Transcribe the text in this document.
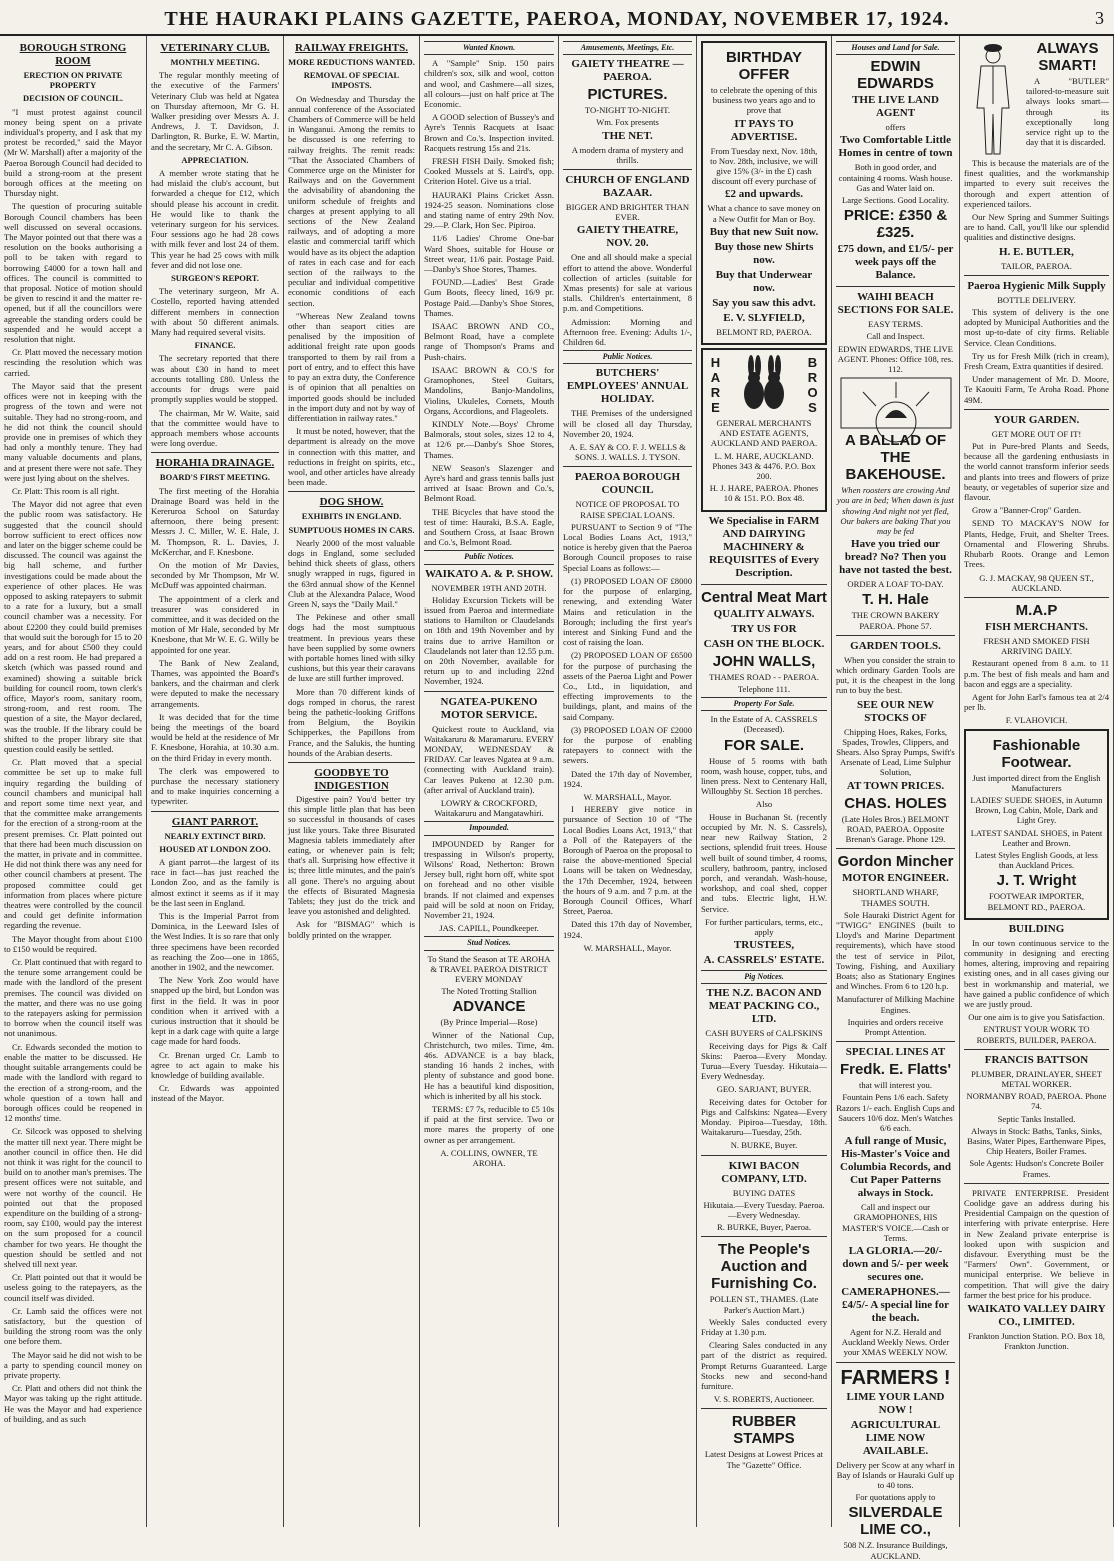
THE HAURAKI PLAINS GAZETTE, PAEROA, MONDAY, NOVEMBER 17, 1924.	3
BOROUGH STRONG ROOM
ERECTION ON PRIVATE PROPERTY
DECISION OF COUNCIL.

"I must protest against council money being spent on a private individual's property, and I ask that my protest be recorded," said the Mayor (Mr W. Marshall) after a majority of the Paeroa Borough Council had decided to build a strong-room at the present borough offices at the meeting on Thursday night.

The question of procuring suitable Borough Council chambers has been well discussed on several occasions. The Mayor pointed out that there was a resolution on the books authorising a poll to be taken with regard to borrowing £4000 for a town hall and offices. The council is committed to that proposal. Notice of motion should be given to rescind it and the matter re-opened, but if all the councillors were agreeable the standing orders could be suspended and he would accept a resolution that night.

Cr. Platt moved the necessary motion rescinding the resolution which was carried.

The Mayor said that the present offices were not in keeping with the progress of the town and were not suitable. They had no strong-room, and he did not think the council should provide one in premises of which they had only a monthly tenure. They had many valuable documents and plans, and at present there were not safe. They were just lying about on the shelves.

Cr. Platt: This room is all right.

The Mayor did not agree that even the public room was satisfactory. He suggested that the council should borrow sufficient to erect offices now and later on the bigger scheme could be discussed. The council was against the big hall scheme, and further investigations could be made about the experience of other places. He was opposed to asking ratepayers to submit to a rate for a luxury, but a small council chamber was a necessity. For about £2200 they could build premises that would suit the borough for 15 to 20 years, and for about £500 they could add on a rest room. He had prepared a sketch (which was passed round and examined) showing a suitable brick building for council room, town clerk's office, Mayor's room, sanitary room, strong-room, and rest room. The question of a site, the Mayor declared, was the trouble. If the library could be shifted to the proper library site that question could easily be settled.

Cr. Platt moved that a special committee be set up to make full inquiry regarding the building of council chambers and municipal hall and report some time next year, and that the committee make arrangements for the erection of a strong-room at the present premises. Cr. Platt pointed out that there had been much discussion on the matter, in private and in committee. He did not think there was any need for other council chambers at present. The proposed committee could get information from places where picture theatres were controlled by the council and could get definite information regarding the revenue.

The Mayor thought from about £100 to £150 would be required.

Cr. Platt continued that with regard to the tenure some arrangement could be made with the landlord of the present premises. The council was divided on the matter, and there was no use going to the ratepayers asking for permission to borrow when the council itself was not unanimous.

Cr. Edwards seconded the motion to enable the matter to be discussed. He thought suitable arrangements could be made with the landlord with regard to the erection of a strong-room, and the whole question of a town hall and borough offices could be reopened in 12 months' time.

Cr. Silcock was opposed to shelving the matter till next year. There might be another council in office then. He did not think it was right for the council to build on to another man's premises. The present offices were not suitable, and were not worthy of the council. He pointed out that the proposed expenditure on the building of a strong-room, say £100, would pay the interest on the sum proposed for a council chamber for two years. He thought the question should be settled and not shelved till next year.

Cr. Platt pointed out that it would be useless going to the ratepayers, as the council itself was divided.

Cr. Lamb said the offices were not satisfactory, but the question of building the strong room was the only one before them.

The Mayor said he did not wish to be a party to spending council money on private property.

Cr. Platt and others did not think the Mayor was taking up the right attitude. He was the Mayor and had experience of building, and as such

VETERINARY CLUB.
MONTHLY MEETING.

The regular monthly meeting of the executive of the Farmers' Veterinary Club was held at Ngatea on Thursday afternoon, Mr G. H. Walker presiding over Messrs A. J. Andrews, J. T. Davidson, J. Darlington, R. Burke, E. W. Martin, and the secretary, Mr C. A. Gibson.

APPRECIATION.

A member wrote stating that he had mislaid the club's account, but forwarded a cheque for £12, which should please his account in credit. He would like to thank the veterinary surgeon for his services. Four sessions ago he had 28 cows with milk fever and lost 24 of them. This year he had 25 cows with milk fever and did not lose one.

SURGEON'S REPORT.

The veterinary surgeon, Mr A. Costello, reported having attended different members in connection with about 50 different animals. Many had required several visits.

FINANCE.

The secretary reported that there was about £30 in hand to meet accounts totalling £80. Unless the accounts for drugs were paid promptly supplies would be stopped.

The chairman, Mr W. Waite, said that the committee would have to approach members whose accounts were long overdue.

HORAHIA DRAINAGE.
BOARD'S FIRST MEETING.

The first meeting of the Horahia Drainage Board was held in the Kereruroa School on Saturday afternoon, there being present: Messrs J. C. Miller, W. E. Hale, J. M. Thompson, R. L. Davies, J. McKerchar, and F. Knesbone.

On the motion of Mr Davies, seconded by Mr Thompson, Mr W. McDuff was appointed chairman.

The appointment of a clerk and treasurer was considered in committee, and it was decided on the motion of Mr Hale, seconded by Mr Knesbone, that Mr W. E. G. Willy be appointed for one year.

The Bank of New Zealand, Thames, was appointed the Board's bankers, and the chairman and clerk were deputed to make the necessary arrangements.

It was decided that for the time being the meetings of the board would be held at the residence of Mr F. Knesbone, Horahia, at 10.30 a.m. on the third Friday in every month.

The clerk was empowered to purchase the necessary stationery and to make inquiries concerning a typewriter.

GIANT PARROT.
NEARLY EXTINCT BIRD.
HOUSED AT LONDON ZOO.

A giant parrot—the largest of its race in fact—has just reached the London Zoo, and as the family is almost extinct it seems as if it may be the last seen in England.

This is the Imperial Parrot from Dominica, in the Leeward Isles of the West Indies. It is so rare that only three specimens have been recorded as reaching the Zoo—one in 1865, another in 1902, and the newcomer.

The New York Zoo would have snapped up the bird, but London was first in the field. It was in poor condition when it arrived with a curious instruction that it should be kept in a dark cage with quite a large cage made for hard foods.

Cr. Brenan urged Cr. Lamb to agree to act again to make his knowledge of building available.

Cr. Edwards was appointed instead of the Mayor.

RAILWAY FREIGHTS.
MORE REDUCTIONS WANTED.
REMOVAL OF SPECIAL IMPOSTS.

On Wednesday and Thursday the annual conference of the Associated Chambers of Commerce will be held in Wanganui. Among the remits to be discussed is one referring to railway freights. The remit reads: "That the Associated Chambers of Commerce urge on the Minister for Railways and on the Government the advisability of abandoning the uniform schedule of freights and charges at present applying to all sections of the New Zealand railways, and of adopting a more elastic and commercial tariff which would have as its object the adaption of rates in each case and for each section of the railways to the peculiar and individual competitive economic conditions of each section.

"Whereas New Zealand towns other than seaport cities are penalised by the imposition of additional freight rate upon goods transported to them by rail from a port of entry, and to effect this have to pay an extra duty, the Conference is of opinion that all penalties on imported goods should be included in the import duty and not by way of differentiation in railway rates."

It must be noted, however, that the department is already on the move in connection with this matter, and reductions in freight on spirits, etc., wool, and other articles have already been made.

DOG SHOW.
EXHIBITS IN ENGLAND.
SUMPTUOUS HOMES IN CARS.

Nearly 2000 of the most valuable dogs in England, some secluded behind thick sheets of glass, others snugly wrapped in rugs, figured in the 63rd annual show of the Kennel Club at the Alexandra Palace, Wood Green N, says the "Daily Mail."

The Pekinese and other small dogs had the most sumptuous treatment. In previous years these have been supplied by some owners with portable homes lined with silky cushions, but this year their caravans de luxe are still further improved.

More than 70 different kinds of dogs romped in chorus, the rarest being the pathetic-looking Griffons from Belgium, the Boyikin Schipperkes, the Papillons from France, and the Salukis, the hunting hounds of the Arabian deserts.

GOODBYE TO INDIGESTION

Digestive pain? You'd better try this simple little plan that has been so successful in thousands of cases just like yours. Take three Bisurated Magnesia tablets immediately after eating, or whenever pain is felt; that's all. Surprising how effective it is; three little minutes, and the pain's all gone. There's no arguing about the effects of Bisurated Magnesia Tablets; they just do the trick and leave you astonished and delighted.

Ask for "BISMAG" which is boldly printed on the wrapper.

Wanted Known.

A "Sample" Snip. 150 pairs children's sox, silk and wool, cotton and wool, and Cashmere—all sizes, all colours—just on half price at The Economic.

A GOOD selection of Bussey's and Ayre's Tennis Racquets at Isaac Brown and Co.'s. Inspection invited. Racquets restrung 15s and 21s.

FRESH FISH Daily. Smoked fish; Cooked Mussels at S. Laird's, opp. Criterion Hotel. Give us a trial.

HAURAKI Plains Cricket Assn. 1924-25 season. Nominations close and stating name of entry 29th Nov. 29.—P. Clark, Hon Sec. Pipiroa.

11/6 Ladies' Chrome One-bar Ward Shoes, suitable for House or Street wear, 11/6 pair. Postage Paid.—Danby's Shoe Stores, Thames.

FOUND.—Ladies' Best Grade Gum Boots, fleecy lined, 16/9 pr. Postage Paid.—Danby's Shoe Stores, Thames.

ISAAC BROWN AND CO., Belmont Road, have a complete range of Thompson's Prams and Push-chairs.

ISAAC BROWN & CO.'S for Gramophones, Steel Guitars, Mandolins, Banjo-Mandolins, Violins, Ukuleles, Cornets, Mouth Organs, Accordions, and Flageolets.

KINDLY Note.—Boys' Chrome Balmorals, stout soles, sizes 12 to 4, at 12/6 pr.—Danby's Shoe Stores, Thames.

NEW Season's Slazenger and Ayre's hard and grass tennis balls just arrived at Isaac Brown and Co.'s, Belmont Road.

THE Bicycles that have stood the test of time: Hauraki, B.S.A. Eagle, and Southern Cross, at Isaac Brown and Co.'s, Belmont Road.

Public Notices.
WAIKATO A. & P. SHOW.
NOVEMBER 19TH AND 20TH.

Holiday Excursion Tickets will be issued from Paeroa and intermediate stations to Hamilton or Claudelands on 18th and 19th November and by trains due to arrive Hamilton or Claudelands not later than 12.55 p.m. on 20th November, available for return up to and including 22nd November, 1924.

NGATEA-PUKENO MOTOR SERVICE.

Quickest route to Auckland, via Waitakaruru & Maramaruru. EVERY MONDAY, WEDNESDAY & FRIDAY. Car leaves Ngatea at 9 a.m. (connecting with Auckland train). Car leaves Pukeno at 12.30 p.m. (after arrival of Auckland train).

LOWRY & CROCKFORD, Waitakaruru and Mangatawhiri.
Impounded.

IMPOUNDED by Ranger for trespassing in Wilson's property, Wilsons' Road, Netherton: Brown Jersey bull, right horn off, white spot on forehead and no other visible brands. If not claimed and expenses paid will be sold at noon on Friday, November 21, 1924.

JAS. CAPILL, Poundkeeper.
Stud Notices.
To Stand the Season at TE AROHA & TRAVEL PAEROA DISTRICT EVERY MONDAY
The Noted Trotting Stallion
ADVANCE
(By Prince Imperial—Rose)

Winner of the National Cup, Christchurch, two miles. Time, 4m. 46s. ADVANCE is a bay black, standing 16 hands 2 inches, with plenty of substance and good bone. He has a beautiful kind disposition, which is inherited by all his stock.

TERMS: £7 7s, reducible to £5 10s if paid at the first service. Two or more mares the property of one owner as per arrangement.

A. COLLINS, OWNER, TE AROHA.
Amusements, Meetings, Etc.
GAIETY THEATRE — PAEROA.
PICTURES.
TO-NIGHT TO-NIGHT.
Wm. Fox presents
THE NET.
A modern drama of mystery and thrills.
CHURCH OF ENGLAND BAZAAR.
BIGGER AND BRIGHTER THAN EVER.
GAIETY THEATRE, NOV. 20.

One and all should make a special effort to attend the above. Wonderful collection of articles (suitable for Xmas presents) for sale at various stalls. Children's entertainment, 8 p.m. and Competitions.

Admission: Morning and Afternoon free. Evening: Adults 1/-, Children 6d.

Public Notices.
BUTCHERS' EMPLOYEES' ANNUAL HOLIDAY.

THE Premises of the undersigned will be closed all day Thursday, November 20, 1924.

A. E. SAY & CO. F. J. WELLS & SONS. J. WALLS. J. TYSON.
PAEROA BOROUGH COUNCIL
NOTICE OF PROPOSAL TO RAISE SPECIAL LOANS.

PURSUANT to Section 9 of "The Local Bodies Loans Act, 1913," notice is hereby given that the Paeroa Borough Council proposes to raise Special Loans as follows:—

(1) PROPOSED LOAN OF £8000 for the purpose of enlarging, renewing, and extending Water Mains and reticulation in the Borough; including the first year's interest and Sinking Fund and the cost of raising the loan.

(2) PROPOSED LOAN OF £6500 for the purpose of purchasing the assets of the Paeroa Light and Power Co., Ltd., in liquidation, and effecting improvements to the buildings, plant, and mains of the said Company.

(3) PROPOSED LOAN OF £2000 for the purpose of enabling ratepayers to connect with the sewers.

Dated the 17th day of November, 1924.

W. MARSHALL, Mayor.

I HEREBY give notice in pursuance of Section 10 of "The Local Bodies Loans Act, 1913," that a Poll of the Ratepayers of the Borough of Paeroa on the proposal to raise the above-mentioned Special Loans will be taken on Wednesday, the 17th December, 1924, between the hours of 9 a.m. and 7 p.m. at the Borough Council Offices, Wharf Street, Paeroa.

Dated this 17th day of November, 1924.

W. MARSHALL, Mayor.
BIRTHDAY OFFER
to celebrate the opening of this business two years ago and to prove that
IT PAYS TO ADVERTISE.
From Tuesday next, Nov. 18th, to Nov. 28th, inclusive, we will give 15% (3/- in the £) cash discount off every purchase of
£2 and upwards.
What a chance to save money on a New Outfit for Man or Boy.
Buy that new Suit now.
Buy those new Shirts now.
Buy that Underwear now.
Say you saw this advt.
E. V. SLYFIELD,
BELMONT RD, PAEROA.
HARE	BROS
GENERAL MERCHANTS AND ESTATE AGENTS, AUCKLAND AND PAEROA.
L. M. HARE, AUCKLAND. Phones 343 & 4476. P.O. Box 200.
H. J. HARE, PAEROA. Phones 10 & 151. P.O. Box 48.
We Specialise in FARM AND DAIRYING MACHINERY & REQUISITES of Every Description.
Central Meat Mart
QUALITY ALWAYS.
TRY US FOR
CASH ON THE BLOCK.
JOHN WALLS,
THAMES ROAD - - PAEROA.
Telephone 111.
Property For Sale.
In the Estate of A. CASSRELS (Deceased).
FOR SALE.

House of 5 rooms with bath room, wash house, copper, tubs, and linen press. Next to Centenary Hall, Willoughby St. Section 18 perches.

Also

House in Buchanan St. (recently occupied by Mr. N. S. Cassrels), near new Railway Station, 2 sections, splendid fruit trees. House well built of sound timber, 4 rooms, scullery, bathroom, pantry, inclosed porch, and verandah. Wash-house, workshop, and coal shed, copper and tubs. Electric light, H.W. Service.

For further particulars, terms, etc., apply
TRUSTEES,
A. CASSRELS' ESTATE.
Pig Notices.
THE N.Z. BACON AND MEAT PACKING CO., LTD.
CASH BUYERS of CALFSKINS

Receiving days for Pigs & Calf Skins: Paeroa—Every Monday. Turua—Every Tuesday. Hikutaia—Every Wednesday.

GEO. SARJANT, BUYER.

Receiving dates for October for Pigs and Calfskins: Ngatea—Every Monday. Pipiroa—Tuesday, 18th. Waitakaruru—Tuesday, 25th.

N. BURKE, Buyer.
KIWI BACON COMPANY, LTD.
BUYING DATES
Hikutaia.—Every Tuesday. Paeroa.—Every Wednesday.
R. BURKE, Buyer, Paeroa.
The People's Auction and Furnishing Co.
POLLEN ST., THAMES. (Late Parker's Auction Mart.)

Weekly Sales conducted every Friday at 1.30 p.m.

Clearing Sales conducted in any part of the district as required. Prompt Returns Guaranteed. Large Stocks new and second-hand furniture.

V. S. ROBERTS, Auctioneer.
RUBBER STAMPS
Latest Designs at Lowest Prices at The "Gazette" Office.
Houses and Land for Sale.
EDWIN EDWARDS
THE LIVE LAND AGENT
offers
Two Comfortable Little Homes in centre of town
Both in good order, and containing 4 rooms. Wash house. Gas and Water laid on.
Large Sections. Good Locality.
PRICE: £350 & £325.
£75 down, and £1/5/- per week pays off the Balance.
WAIHI BEACH SECTIONS FOR SALE.
EASY TERMS.
Call and Inspect.
EDWIN EDWARDS, THE LIVE AGENT. Phones: Office 108, res. 112.
A BALLAD OF THE BAKEHOUSE.
When roosters are crowing And you are in bed; When dawn is just showing And night not yet fled, Our bakers are baking That you may be fed
Have you tried our bread? No? Then you have not tasted the best.
ORDER A LOAF TO-DAY.
T. H. Hale
THE CROWN BAKERY PAEROA. Phone 57.
GARDEN TOOLS.

When you consider the strain to which ordinary Garden Tools are put, it is the cheapest in the long run to buy the best.

SEE OUR NEW STOCKS OF
Chipping Hoes, Rakes, Forks, Spades, Trowles, Clippers, and Shears. Also Spray Pumps, Swift's Arsenate of Lead, Lime Sulphur Solution,
AT TOWN PRICES.
CHAS. HOLES
(Late Holes Bros.) BELMONT ROAD, PAEROA. Opposite Brenan's Garage. Phone 129.
Gordon Mincher
MOTOR ENGINEER.
SHORTLAND WHARF, THAMES SOUTH.

Sole Hauraki District Agent for "TWIGG" ENGINES (built to Lloyd's and Marine Department requirements), which have stood the test of service in Pilot, Towing, Fishing, and Auxiliary Boats; also as Stationary Engines and Winches. From 6 to 120 h.p.

Manufacturer of Milking Machine Engines.
Inquiries and orders receive Prompt Attention.
SPECIAL LINES AT
Fredk. E. Flatts'
that will interest you.
Fountain Pens 1/6 each. Safety Razors 1/- each. English Cups and Saucers 10/6 doz. Men's Watches 6/6 each.
A full range of Music, His-Master's Voice and Columbia Records, and Cut Paper Patterns always in Stock.
Call and inspect our GRAMOPHONES, HIS MASTER'S VOICE.—Cash or Terms.
LA GLORIA.—20/- down and 5/- per week secures one.
CAMERAPHONES.—£4/5/- A special line for the beach.
Agent for N.Z. Herald and Auckland Weekly News. Order your XMAS WEEKLY NOW.
FARMERS !
LIME YOUR LAND NOW !
AGRICULTURAL LIME NOW AVAILABLE.
Delivery per Scow at any wharf in Bay of Islands or Hauraki Gulf up to 40 tons.
For quotations apply to
SILVERDALE LIME CO.,
508 N.Z. Insurance Buildings, AUCKLAND.
ALWAYS SMART!

A "BUTLER" tailored-to-measure suit always looks smart—through its exceptionally long service right up to the day that it is discarded.

This is because the materials are of the finest qualities, and the workmanship imparted to every suit receives the thorough and expert attention of experienced tailors.

Our New Spring and Summer Suitings are to hand. Call, you'll like our splendid qualities and distinctive designs.

H. E. BUTLER,
TAILOR, PAEROA.
Paeroa Hygienic Milk Supply
BOTTLE DELIVERY.

This system of delivery is the one adopted by Municipal Authorities and the most up-to-date of city firms. Reliable Service. Clean Conditions.

Try us for Fresh Milk (rich in cream), Fresh Cream, Extra quantities if desired.

Under management of Mr. D. Moore, Te Kaouiti Farm, Te Aroha Road. Phone 49M.

YOUR GARDEN.
GET MORE OUT OF IT!

Put in Pure-bred Plants and Seeds, because all the gardening enthusiasts in the world cannot transform inferior seeds and plants into trees and flowers of prize beauty, or vegetables of superior size and flavour.

Grow a "Banner-Crop" Garden.

SEND TO MACKAY'S NOW for Plants, Hedge, Fruit, and Shelter Trees. Ornamental and Flowering Shrubs. Rhubarb Roots. Orange and Lemon Trees.

G. J. MACKAY, 98 QUEEN ST., AUCKLAND.
M.A.P
FISH MERCHANTS.
FRESH AND SMOKED FISH ARRIVING DAILY.

Restaurant opened from 8 a.m. to 11 p.m. The best of fish meals and ham and bacon and eggs are a speciality.

Agent for John Earl's famous tea at 2/4 per lb.

F. VLAHOVICH.
Fashionable Footwear.
Just imported direct from the English Manufacturers
LADIES' SUEDE SHOES, in Autumn Brown, Log Cabin, Mole, Dark and Light Grey.
LATEST SANDAL SHOES, in Patent Leather and Brown.
Latest Styles English Goods, at less than Auckland Prices.
J. T. Wright
FOOTWEAR IMPORTER, BELMONT RD., PAEROA.
BUILDING

In our town continuous service to the community in designing and erecting homes, altering, improving and repairing existing ones, and in all cases giving our best in workmanship and material, we have gained a public confidence of which we are justly proud.

Our one aim is to give you Satisfaction.
ENTRUST YOUR WORK TO ROBERTS, BUILDER, PAEROA.
FRANCIS BATTSON
PLUMBER, DRAINLAYER, SHEET METAL WORKER.
NORMANBY ROAD, PAEROA. Phone 74.
Septic Tanks Installed.
Always in Stock: Baths, Tanks, Sinks, Basins, Water Pipes, Earthenware Pipes, Chip Heaters, Boiler Frames.
Sole Agents: Hudson's Concrete Boiler Frames.

PRIVATE ENTERPRISE. President Coolidge gave an address during his Presidential Campaign on the question of interfering with private enterprise. Here in New Zealand private enterprise is looked upon with suspicion and disfavour. Everything must be the "Farmers' Own". Government, or municipal enterprise. We believe in competition. That will give the dairy farmer the best price for his produce.

WAIKATO VALLEY DAIRY CO., LIMITED.
Frankton Junction Station. P.O. Box 18, Frankton Junction.
